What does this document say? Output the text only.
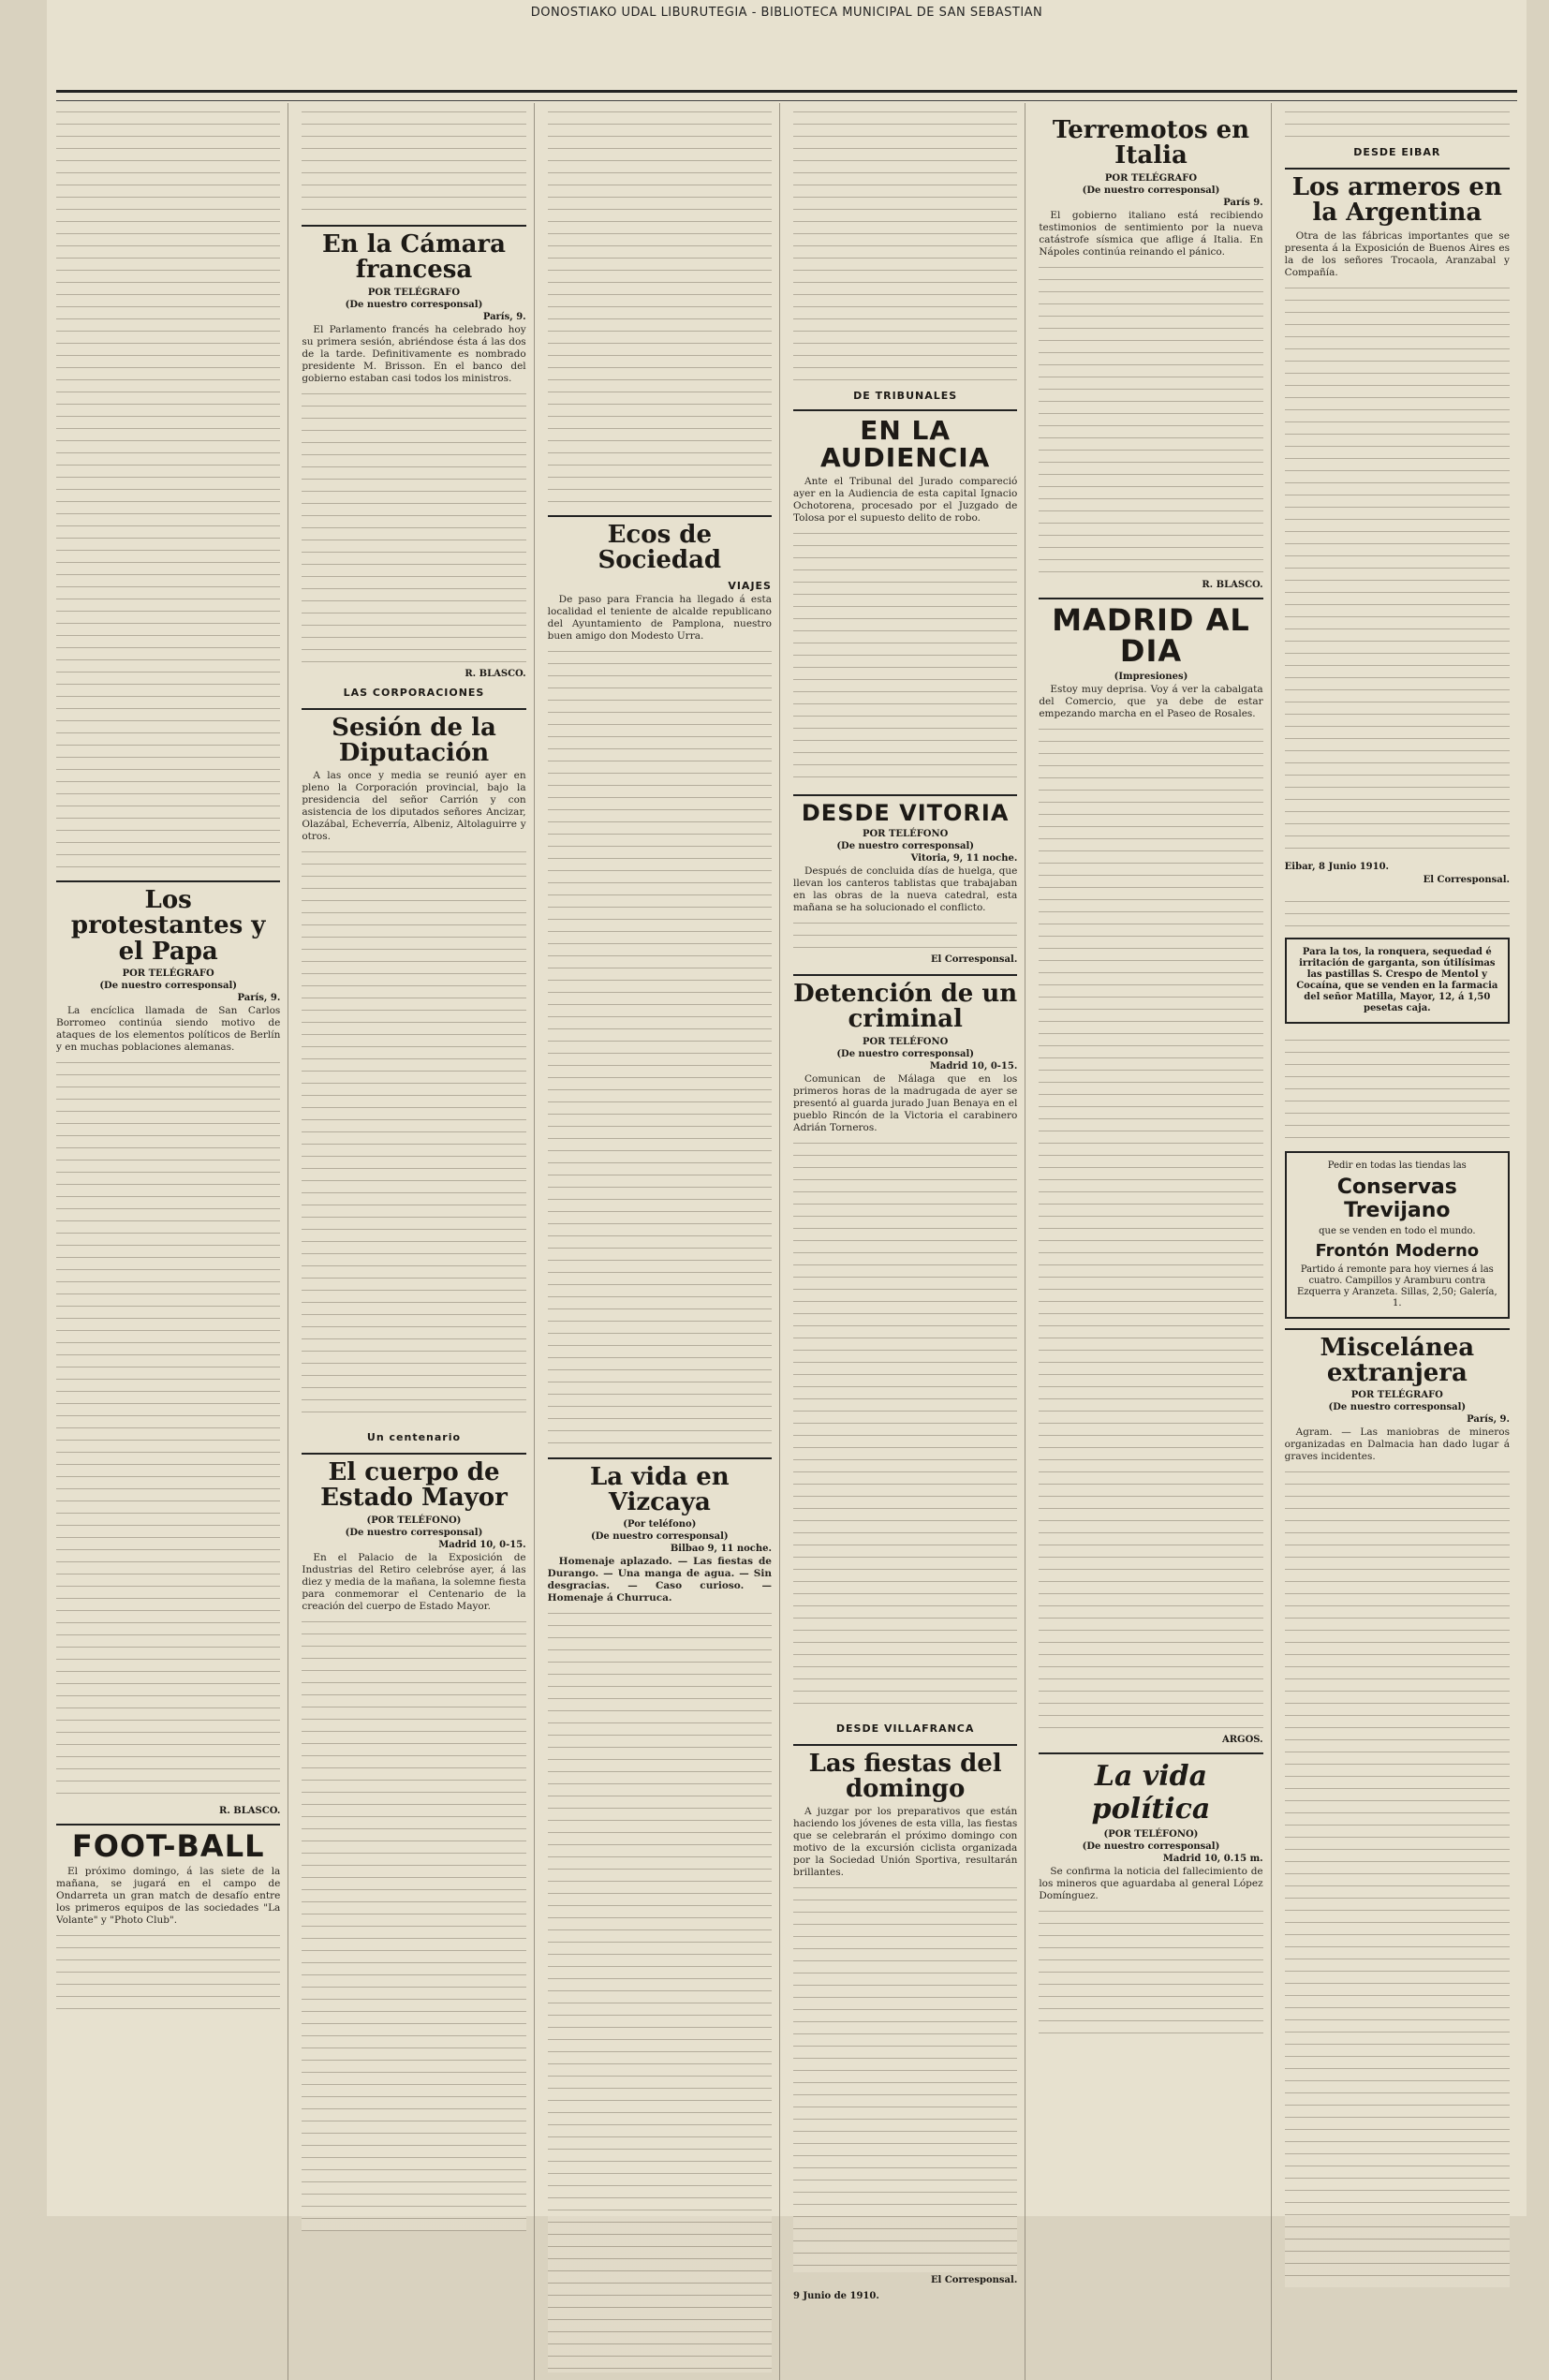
DONOSTIAKO UDAL LIBURUTEGIA - BIBLIOTECA MUNICIPAL DE SAN SEBASTIAN
Los protestantes y el Papa
POR TELÉGRAFO
(De nuestro corresponsal)
París, 9.

La encíclica llamada de San Carlos Borromeo continúa siendo motivo de ataques de los elementos políticos de Berlín y en muchas poblaciones alemanas.

R. BLASCO.
FOOT-BALL

El próximo domingo, á las siete de la mañana, se jugará en el campo de Ondarreta un gran match de desafío entre los primeros equipos de las sociedades "La Volante" y "Photo Club".

En la Cámara francesa
POR TELÉGRAFO
(De nuestro corresponsal)
París, 9.

El Parlamento francés ha celebrado hoy su primera sesión, abriéndose ésta á las dos de la tarde. Definitivamente es nombrado presidente M. Brisson. En el banco del gobierno estaban casi todos los ministros.

R. BLASCO.
LAS CORPORACIONES
Sesión de la Diputación

A las once y media se reunió ayer en pleno la Corporación provincial, bajo la presidencia del señor Carrión y con asistencia de los diputados señores Ancizar, Olazábal, Echeverría, Albeniz, Altolaguirre y otros.

Un centenario
El cuerpo de Estado Mayor
(POR TELÉFONO)
(De nuestro corresponsal)
Madrid 10, 0-15.

En el Palacio de la Exposición de Industrias del Retiro celebróse ayer, á las diez y media de la mañana, la solemne fiesta para conmemorar el Centenario de la creación del cuerpo de Estado Mayor.

Ecos de Sociedad
VIAJES

De paso para Francia ha llegado á esta localidad el teniente de alcalde republicano del Ayuntamiento de Pamplona, nuestro buen amigo don Modesto Urra.

La vida en Vizcaya
(Por teléfono)
(De nuestro corresponsal)
Bilbao 9, 11 noche.

Homenaje aplazado. — Las fiestas de Durango. — Una manga de agua. — Sin desgracias. — Caso curioso. — Homenaje á Churruca.

DE TRIBUNALES
EN LA AUDIENCIA

Ante el Tribunal del Jurado compareció ayer en la Audiencia de esta capital Ignacio Ochotorena, procesado por el Juzgado de Tolosa por el supuesto delito de robo.

DESDE VITORIA
POR TELÉFONO
(De nuestro corresponsal)
Vitoria, 9, 11 noche.

Después de concluida días de huelga, que llevan los canteros tablistas que trabajaban en las obras de la nueva catedral, esta mañana se ha solucionado el conflicto.

El Corresponsal.
Detención de un criminal
POR TELÉFONO
(De nuestro corresponsal)
Madrid 10, 0-15.

Comunican de Málaga que en los primeros horas de la madrugada de ayer se presentó al guarda jurado Juan Benaya en el pueblo Rincón de la Victoria el carabinero Adrián Torneros.

DESDE VILLAFRANCA
Las fiestas del domingo

A juzgar por los preparativos que están haciendo los jóvenes de esta villa, las fiestas que se celebrarán el próximo domingo con motivo de la excursión ciclista organizada por la Sociedad Unión Sportiva, resultarán brillantes.

El Corresponsal.
9 Junio de 1910.
Terremotos en Italia
POR TELÉGRAFO
(De nuestro corresponsal)
París 9.

El gobierno italiano está recibiendo testimonios de sentimiento por la nueva catástrofe sísmica que aflige á Italia. En Nápoles continúa reinando el pánico.

R. BLASCO.
MADRID AL DIA
(Impresiones)

Estoy muy deprisa. Voy á ver la cabalgata del Comercio, que ya debe de estar empezando marcha en el Paseo de Rosales.

ARGOS.
La vida política
(POR TELÉFONO)
(De nuestro corresponsal)
Madrid 10, 0.15 m.

Se confirma la noticia del fallecimiento de los mineros que aguardaba al general López Domínguez.

DESDE EIBAR
Los armeros en la Argentina

Otra de las fábricas importantes que se presenta á la Exposición de Buenos Aires es la de los señores Trocaola, Aranzabal y Compañía.

Eibar, 8 Junio 1910.
El Corresponsal.
Para la tos, la ronquera, sequedad é irritación de garganta, son útilísimas las pastillas S. Crespo de Mentol y Cocaína, que se venden en la farmacia del señor Matilla, Mayor, 12, á 1,50 pesetas caja.
Pedir en todas las tiendas las
Conservas Trevijano
que se venden en todo el mundo.
Frontón Moderno
Partido á remonte para hoy viernes á las cuatro. Campillos y Aramburu contra Ezquerra y Aranzeta. Sillas, 2,50; Galería, 1.
Miscelánea extranjera
POR TELÉGRAFO
(De nuestro corresponsal)
París, 9.

Agram. — Las maniobras de mineros organizadas en Dalmacia han dado lugar á graves incidentes.
